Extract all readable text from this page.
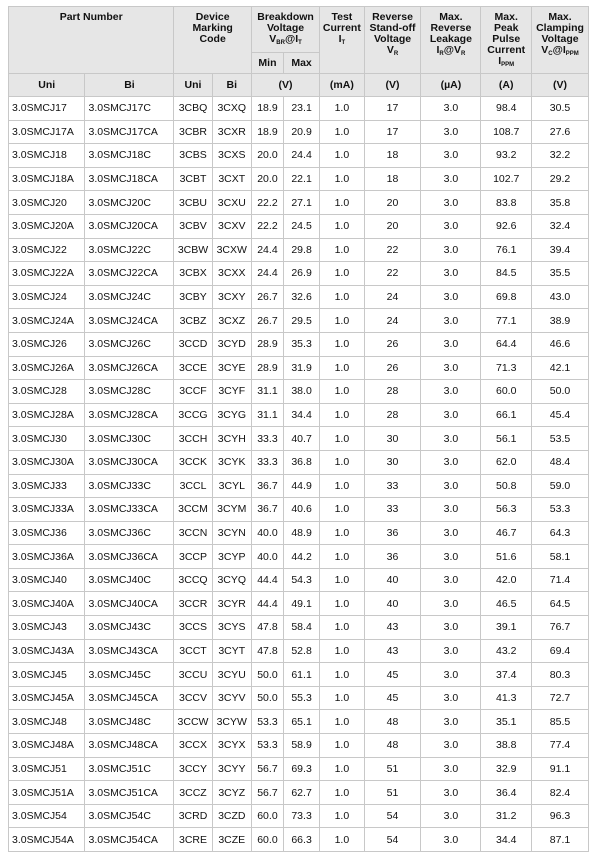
Part Number		Device
Marking
Code		Breakdown
Voltage
$V_{BR}@I_T$		Test
Current
$I_T$	Reverse
Stand-off
Voltage
$V_R$	Max.
Reverse
Leakage
$I_R@V_R$	Max.
Peak
Pulse
Current
$I_{PPM}$	Max.
Clamping
Voltage
$V_C@I_{PPM}$

				Min	Max					
Uni	Bi	Uni	Bi	(V)		(mA)	(V)	(µA)	(A)	(V)
3.0SMCJ17	3.0SMCJ17C	3CBQ	3CXQ	18.9	23.1	1.0	17	3.0	98.4	30.5
3.0SMCJ17A	3.0SMCJ17CA	3CBR	3CXR	18.9	20.9	1.0	17	3.0	108.7	27.6
3.0SMCJ18	3.0SMCJ18C	3CBS	3CXS	20.0	24.4	1.0	18	3.0	93.2	32.2
3.0SMCJ18A	3.0SMCJ18CA	3CBT	3CXT	20.0	22.1	1.0	18	3.0	102.7	29.2
3.0SMCJ20	3.0SMCJ20C	3CBU	3CXU	22.2	27.1	1.0	20	3.0	83.8	35.8
3.0SMCJ20A	3.0SMCJ20CA	3CBV	3CXV	22.2	24.5	1.0	20	3.0	92.6	32.4
3.0SMCJ22	3.0SMCJ22C	3CBW	3CXW	24.4	29.8	1.0	22	3.0	76.1	39.4
3.0SMCJ22A	3.0SMCJ22CA	3CBX	3CXX	24.4	26.9	1.0	22	3.0	84.5	35.5
3.0SMCJ24	3.0SMCJ24C	3CBY	3CXY	26.7	32.6	1.0	24	3.0	69.8	43.0
3.0SMCJ24A	3.0SMCJ24CA	3CBZ	3CXZ	26.7	29.5	1.0	24	3.0	77.1	38.9
3.0SMCJ26	3.0SMCJ26C	3CCD	3CYD	28.9	35.3	1.0	26	3.0	64.4	46.6
3.0SMCJ26A	3.0SMCJ26CA	3CCE	3CYE	28.9	31.9	1.0	26	3.0	71.3	42.1
3.0SMCJ28	3.0SMCJ28C	3CCF	3CYF	31.1	38.0	1.0	28	3.0	60.0	50.0
3.0SMCJ28A	3.0SMCJ28CA	3CCG	3CYG	31.1	34.4	1.0	28	3.0	66.1	45.4
3.0SMCJ30	3.0SMCJ30C	3CCH	3CYH	33.3	40.7	1.0	30	3.0	56.1	53.5
3.0SMCJ30A	3.0SMCJ30CA	3CCK	3CYK	33.3	36.8	1.0	30	3.0	62.0	48.4
3.0SMCJ33	3.0SMCJ33C	3CCL	3CYL	36.7	44.9	1.0	33	3.0	50.8	59.0
3.0SMCJ33A	3.0SMCJ33CA	3CCM	3CYM	36.7	40.6	1.0	33	3.0	56.3	53.3
3.0SMCJ36	3.0SMCJ36C	3CCN	3CYN	40.0	48.9	1.0	36	3.0	46.7	64.3
3.0SMCJ36A	3.0SMCJ36CA	3CCP	3CYP	40.0	44.2	1.0	36	3.0	51.6	58.1
3.0SMCJ40	3.0SMCJ40C	3CCQ	3CYQ	44.4	54.3	1.0	40	3.0	42.0	71.4
3.0SMCJ40A	3.0SMCJ40CA	3CCR	3CYR	44.4	49.1	1.0	40	3.0	46.5	64.5
3.0SMCJ43	3.0SMCJ43C	3CCS	3CYS	47.8	58.4	1.0	43	3.0	39.1	76.7
3.0SMCJ43A	3.0SMCJ43CA	3CCT	3CYT	47.8	52.8	1.0	43	3.0	43.2	69.4
3.0SMCJ45	3.0SMCJ45C	3CCU	3CYU	50.0	61.1	1.0	45	3.0	37.4	80.3
3.0SMCJ45A	3.0SMCJ45CA	3CCV	3CYV	50.0	55.3	1.0	45	3.0	41.3	72.7
3.0SMCJ48	3.0SMCJ48C	3CCW	3CYW	53.3	65.1	1.0	48	3.0	35.1	85.5
3.0SMCJ48A	3.0SMCJ48CA	3CCX	3CYX	53.3	58.9	1.0	48	3.0	38.8	77.4
3.0SMCJ51	3.0SMCJ51C	3CCY	3CYY	56.7	69.3	1.0	51	3.0	32.9	91.1
3.0SMCJ51A	3.0SMCJ51CA	3CCZ	3CYZ	56.7	62.7	1.0	51	3.0	36.4	82.4
3.0SMCJ54	3.0SMCJ54C	3CRD	3CZD	60.0	73.3	1.0	54	3.0	31.2	96.3
3.0SMCJ54A	3.0SMCJ54CA	3CRE	3CZE	60.0	66.3	1.0	54	3.0	34.4	87.1
